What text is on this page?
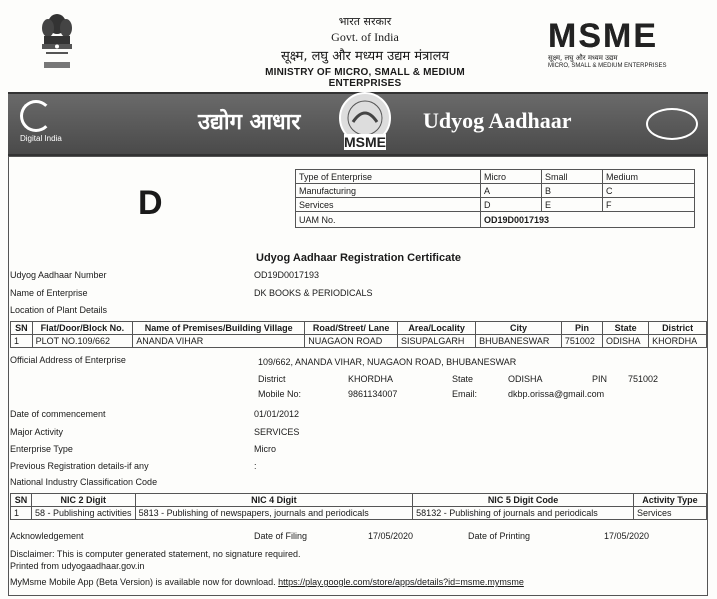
भारत सरकार
Govt. of India
सूक्ष्म, लघु और मध्यम उद्यम मंत्रालय
MINISTRY OF MICRO, SMALL & MEDIUM ENTERPRISES
MSME
सूक्ष्म, लघु और मध्यम उद्यम
MICRO, SMALL & MEDIUM ENTERPRISES
Digital India
उद्योग आधार
MSME
Udyog Aadhaar
D
Type of Enterprise	Micro	Small	Medium
Manufacturing	A	B	C
Services	D	E	F
UAM No.	OD19D0017193		
Udyog Aadhaar Registration Certificate
Udyog Aadhaar Number	OD19D0017193
Name of Enterprise	DK BOOKS & PERIODICALS
Location of Plant Details
SN	Flat/Door/Block No.	Name of Premises/Building Village	Road/Street/ Lane	Area/Locality	City	Pin	State	District
1	PLOT NO.109/662	ANANDA VIHAR	NUAGAON ROAD	SISUPALGARH	BHUBANESWAR	751002	ODISHA	KHORDHA
Official Address of Enterprise	109/662, ANANDA VIHAR, NUAGAON ROAD, BHUBANESWAR
District	KHORDHA	State	ODISHA	PIN 751002
Mobile No:	9861134007	Email:	dkbp.orissa@gmail.com
Date of commencement	01/01/2012
Major Activity	SERVICES
Enterprise Type	Micro
Previous Registration details-if any	:
National Industry Classification Code
SN	NIC 2 Digit	NIC 4 Digit	NIC 5 Digit Code	Activity Type
1	58 - Publishing activities	5813 - Publishing of newspapers, journals and periodicals	58132 - Publishing of journals and periodicals	Services
Acknowledgement	Date of Filing	17/05/2020	Date of Printing	17/05/2020
Disclaimer: This is computer generated statement, no signature required.
Printed from udyogaadhaar.gov.in
MyMsme Mobile App (Beta Version) is available now for download. https://play.google.com/store/apps/details?id=msme.mymsme
